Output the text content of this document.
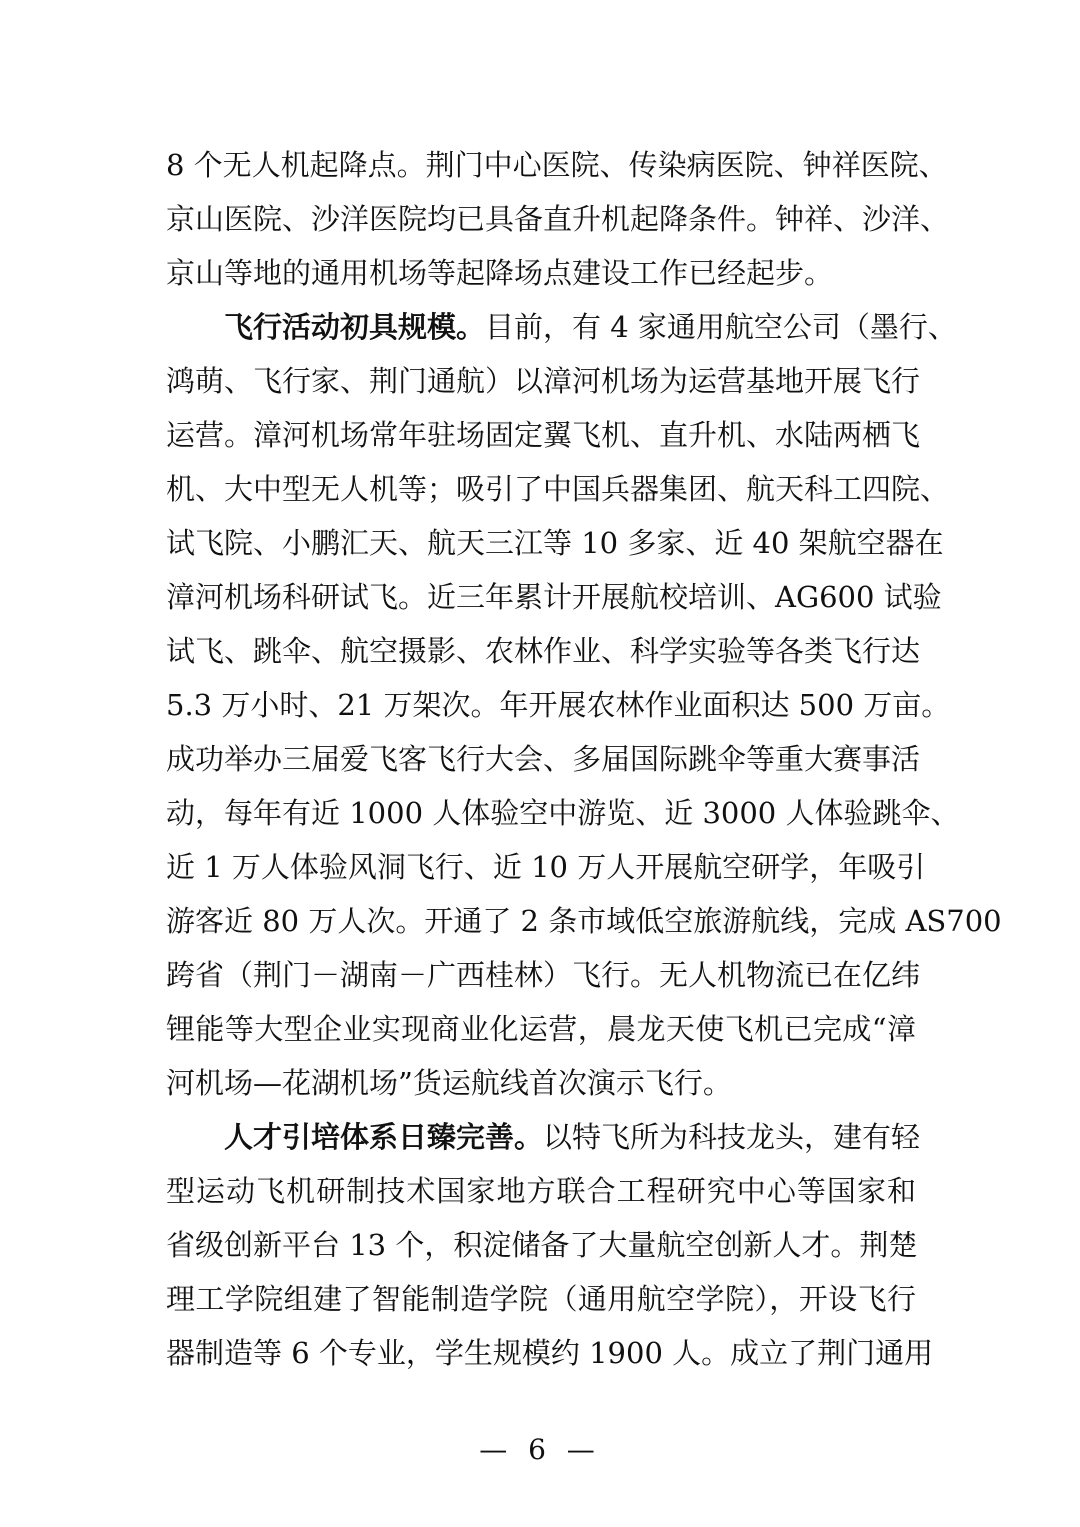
8 个无人机起降点。荆门中心医院、传染病医院、钟祥医院、
京山医院、沙洋医院均已具备直升机起降条件。钟祥、沙洋、
京山等地的通用机场等起降场点建设工作已经起步。
飞行活动初具规模。目前，有 4 家通用航空公司（墨行、
鸿萌、飞行家、荆门通航）以漳河机场为运营基地开展飞行
运营。漳河机场常年驻场固定翼飞机、直升机、水陆两栖飞
机、大中型无人机等；吸引了中国兵器集团、航天科工四院、
试飞院、小鹏汇天、航天三江等 10 多家、近 40 架航空器在
漳河机场科研试飞。近三年累计开展航校培训、AG600 试验
试飞、跳伞、航空摄影、农林作业、科学实验等各类飞行达
5.3 万小时、21 万架次。年开展农林作业面积达 500 万亩。
成功举办三届爱飞客飞行大会、多届国际跳伞等重大赛事活
动，每年有近 1000 人体验空中游览、近 3000 人体验跳伞、
近 1 万人体验风洞飞行、近 10 万人开展航空研学，年吸引
游客近 80 万人次。开通了 2 条市域低空旅游航线，完成 AS700
跨省（荆门－湖南－广西桂林）飞行。无人机物流已在亿纬
锂能等大型企业实现商业化运营，晨龙天使飞机已完成“漳
河机场—花湖机场”货运航线首次演示飞行。
人才引培体系日臻完善。以特飞所为科技龙头，建有轻
型运动飞机研制技术国家地方联合工程研究中心等国家和
省级创新平台 13 个，积淀储备了大量航空创新人才。荆楚
理工学院组建了智能制造学院（通用航空学院），开设飞行
器制造等 6 个专业，学生规模约 1900 人。成立了荆门通用
— 6 —
